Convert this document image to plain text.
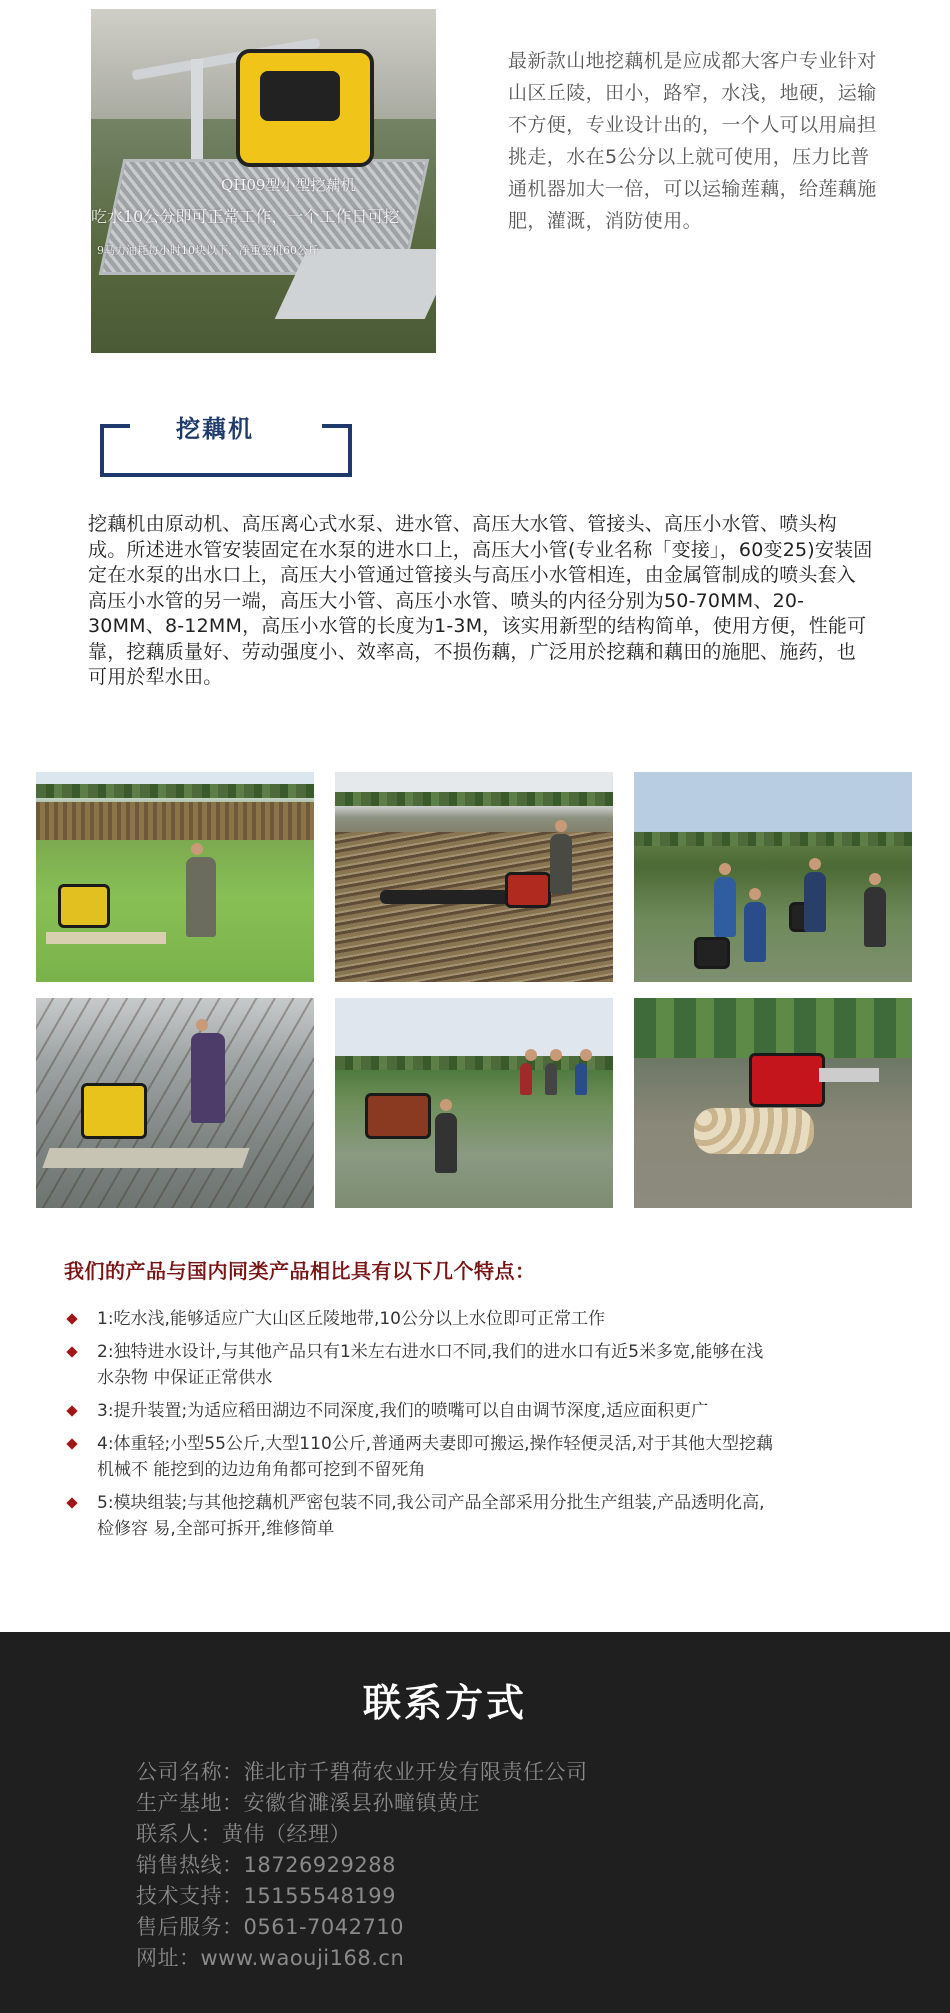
QH09型小型挖藕机
吃水10公分即可正常工作，一个工作日可挖
9马力油耗每小时10块以下，净重整机60公斤
最新款山地挖藕机是应成都大客户专业针对山区丘陵，田小，路窄，水浅，地硬，运输不方便，专业设计出的，一个人可以用扁担挑走，水在5公分以上就可使用，压力比普通机器加大一倍，可以运输莲藕，给莲藕施肥，灌溉，消防使用。
挖藕机
挖藕机由原动机、高压离心式水泵、进水管、高压大水管、管接头、高压小水管、喷头构成。所述进水管安装固定在水泵的进水口上，高压大小管(专业名称「变接」，60变25)安装固定在水泵的出水口上，高压大小管通过管接头与高压小水管相连，由金属管制成的喷头套入高压小水管的另一端，高压大小管、高压小水管、喷头的内径分别为50-70MM、20-30MM、8-12MM，高压小水管的长度为1-3M，该实用新型的结构简单，使用方便，性能可靠，挖藕质量好、劳动强度小、效率高，不损伤藕，广泛用於挖藕和藕田的施肥、施药，也可用於犁水田。
我们的产品与国内同类产品相比具有以下几个特点：
1:吃水浅,能够适应广大山区丘陵地带,10公分以上水位即可正常工作
2:独特进水设计,与其他产品只有1米左右进水口不同,我们的进水口有近5米多宽,能够在浅水杂物 中保证正常供水
3:提升装置;为适应稻田湖边不同深度,我们的喷嘴可以自由调节深度,适应面积更广
4:体重轻;小型55公斤,大型110公斤,普通两夫妻即可搬运,操作轻便灵活,对于其他大型挖藕机械不 能挖到的边边角角都可挖到不留死角
5:模块组装;与其他挖藕机严密包装不同,我公司产品全部采用分批生产组装,产品透明化高,检修容 易,全部可拆开,维修简单
联系方式
公司名称：淮北市千碧荷农业开发有限责任公司
生产基地：安徽省濉溪县孙疃镇黄庄
联系人：黄伟（经理）
销售热线：18726929288
技术支持：15155548199
售后服务：0561-7042710
网址：www.waouji168.cn
